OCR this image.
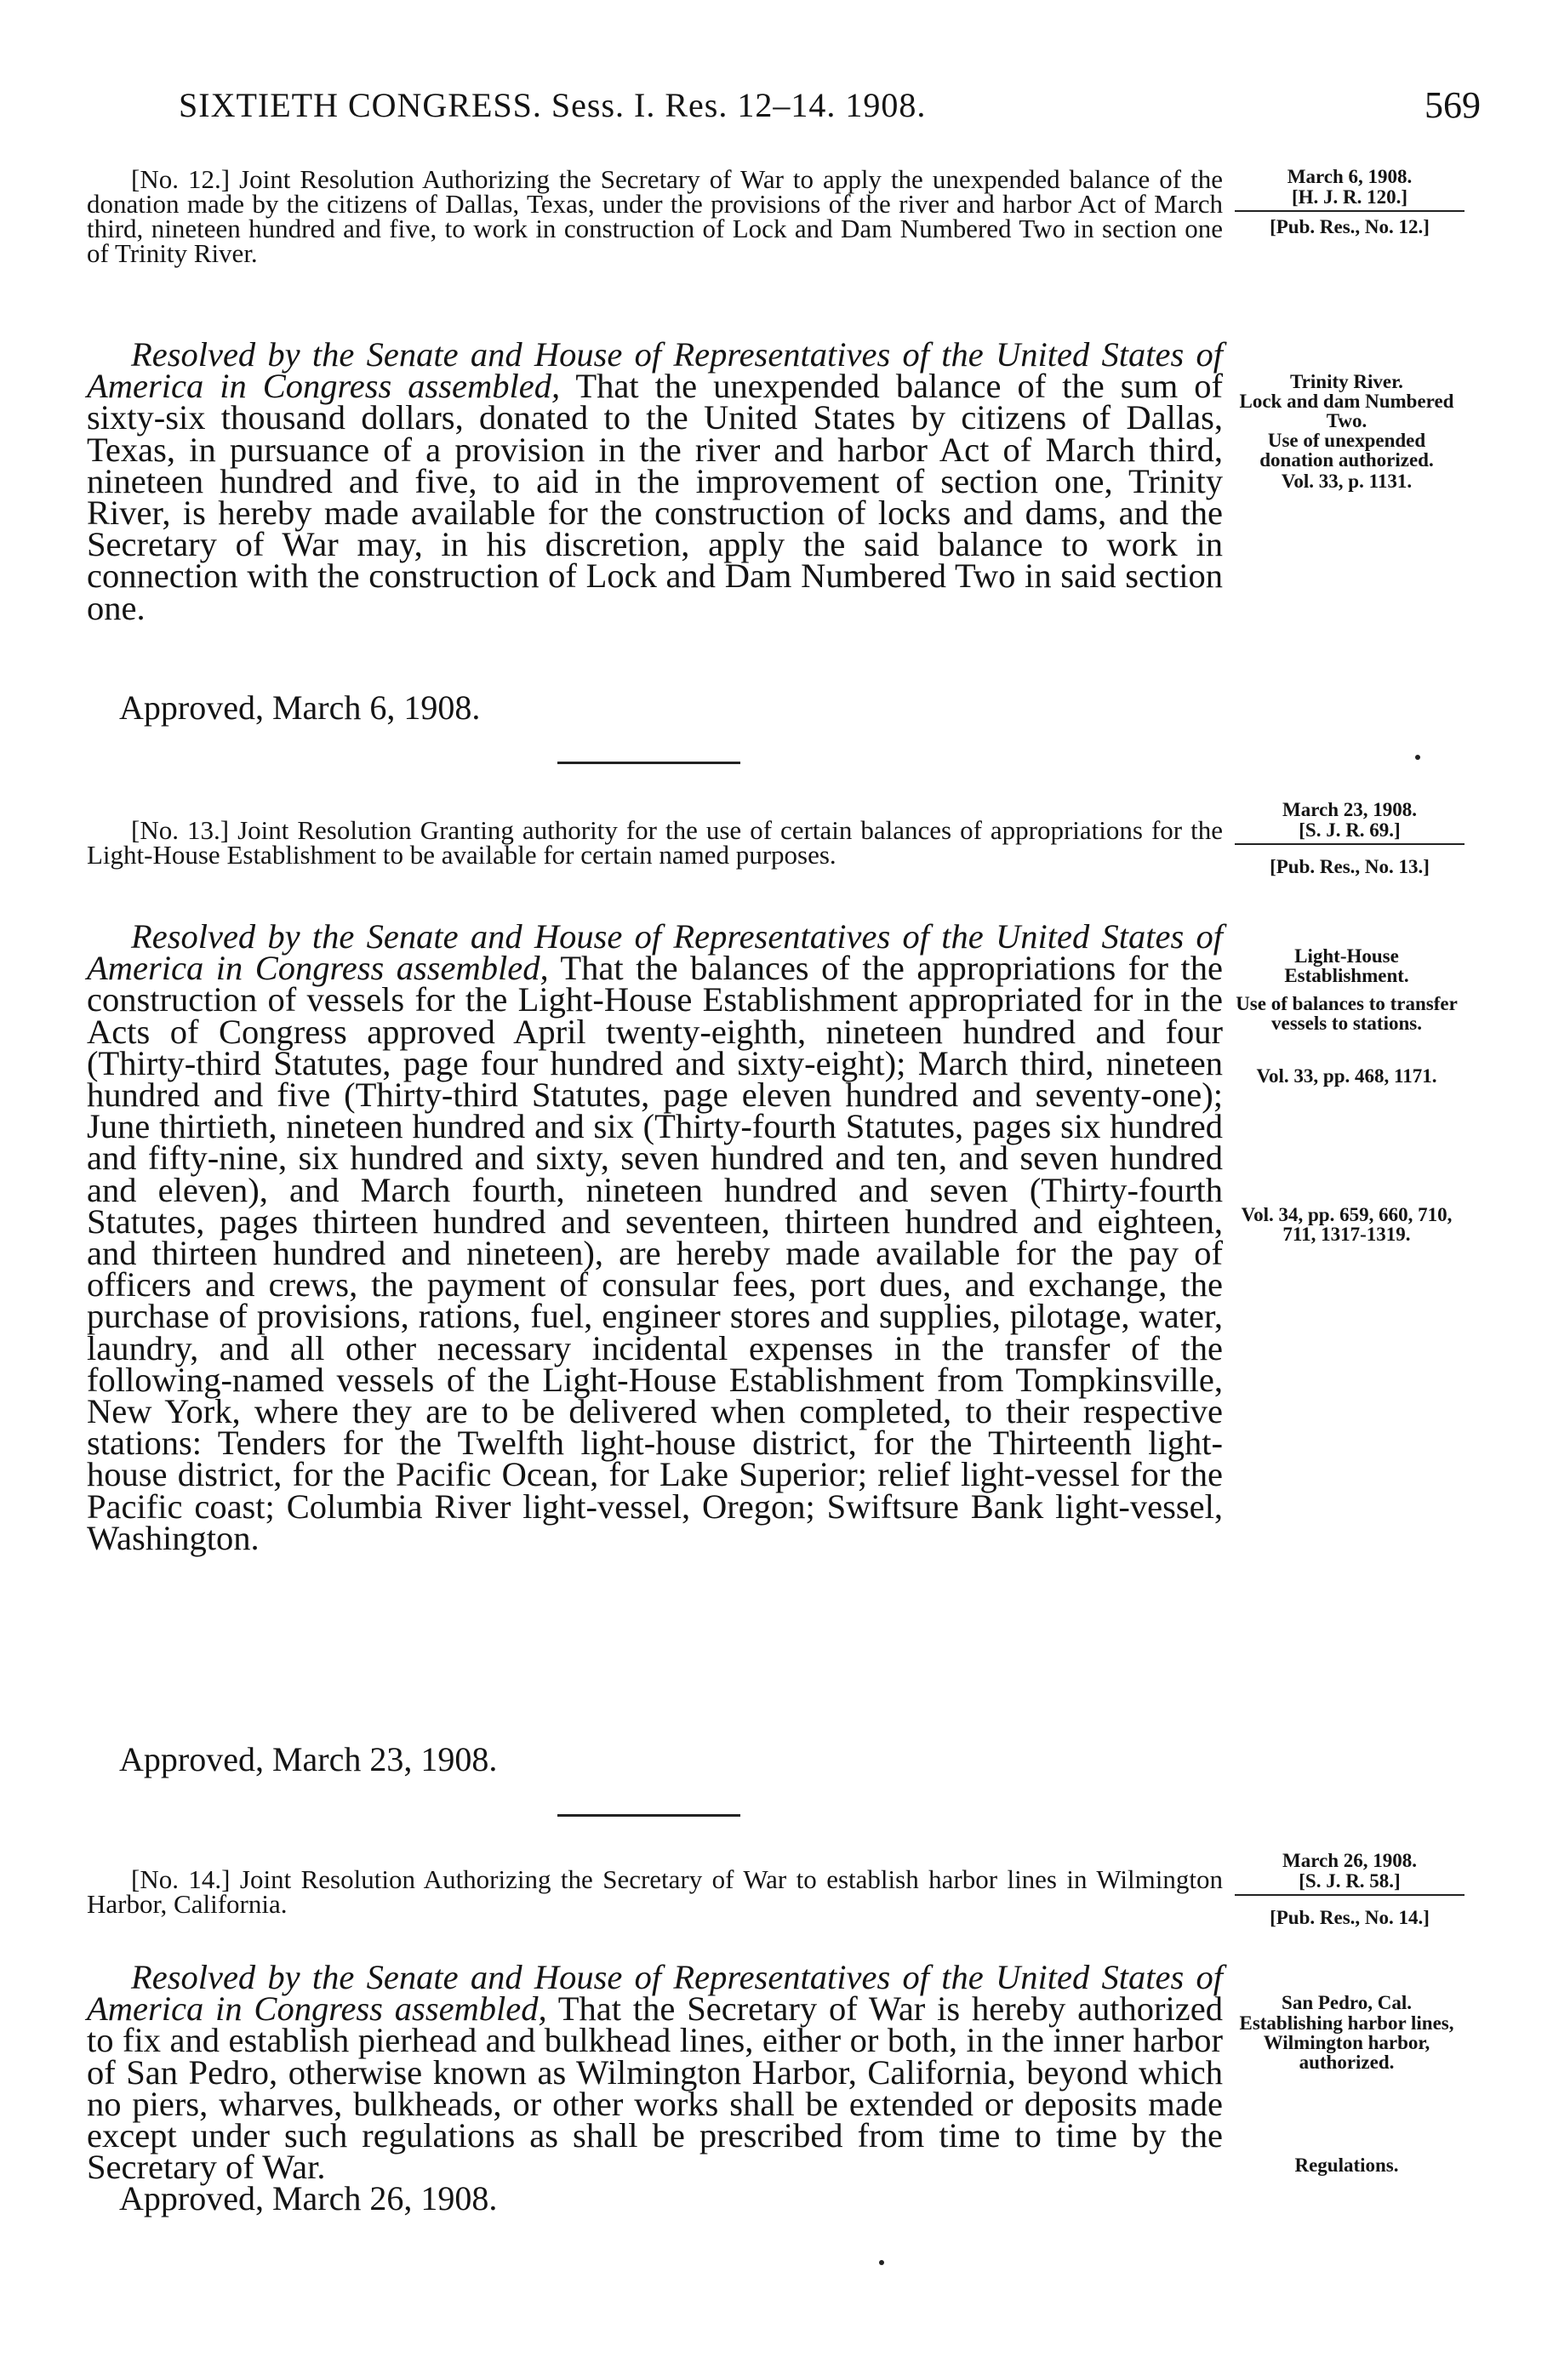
SIXTIETH CONGRESS. Sess. I. Res. 12–14. 1908.	569

[No. 12.] Joint Resolution Authorizing the Secretary of War to apply the unexpended balance of the donation made by the citizens of Dallas, Texas, under the provisions of the river and harbor Act of March third, nineteen hundred and five, to work in construction of Lock and Dam Numbered Two in section one of Trinity River.

March 6, 1908.
[H. J. R. 120.]
[Pub. Res., No. 12.]

Resolved by the Senate and House of Representatives of the United States of America in Congress assembled, That the unexpended balance of the sum of sixty-six thousand dollars, donated to the United States by citizens of Dallas, Texas, in pursuance of a provision in the river and harbor Act of March third, nineteen hundred and five, to aid in the improvement of section one, Trinity River, is hereby made available for the construction of locks and dams, and the Secretary of War may, in his discretion, apply the said balance to work in connection with the construction of Lock and Dam Numbered Two in said section one.

Approved, March 6, 1908.

Trinity River.
Lock and dam Numbered Two.
Use of unexpended donation authorized.
Vol. 33, p. 1131.

[No. 13.] Joint Resolution Granting authority for the use of certain balances of appropriations for the Light-House Establishment to be available for certain named purposes.

March 23, 1908.
[S. J. R. 69.]
[Pub. Res., No. 13.]

Resolved by the Senate and House of Representatives of the United States of America in Congress assembled, That the balances of the appropriations for the construction of vessels for the Light-House Establishment appropriated for in the Acts of Congress approved April twenty-eighth, nineteen hundred and four (Thirty-third Statutes, page four hundred and sixty-eight); March third, nineteen hundred and five (Thirty-third Statutes, page eleven hundred and seventy-one); June thirtieth, nineteen hundred and six (Thirty-fourth Statutes, pages six hundred and fifty-nine, six hundred and sixty, seven hundred and ten, and seven hundred and eleven), and March fourth, nineteen hundred and seven (Thirty-fourth Statutes, pages thirteen hundred and seventeen, thirteen hundred and eighteen, and thirteen hundred and nineteen), are hereby made available for the pay of officers and crews, the payment of consular fees, port dues, and exchange, the purchase of provisions, rations, fuel, engineer stores and supplies, pilotage, water, laundry, and all other necessary incidental expenses in the transfer of the following-named vessels of the Light-House Establishment from Tompkinsville, New York, where they are to be delivered when completed, to their respective stations: Tenders for the Twelfth light-house district, for the Thirteenth light-house district, for the Pacific Ocean, for Lake Superior; relief light-vessel for the Pacific coast; Columbia River light-vessel, Oregon; Swiftsure Bank light-vessel, Washington.

Approved, March 23, 1908.

Light-House Establishment.
Use of balances to transfer vessels to stations.
Vol. 33, pp. 468, 1171.
Vol. 34, pp. 659, 660, 710, 711, 1317-1319.

[No. 14.] Joint Resolution Authorizing the Secretary of War to establish harbor lines in Wilmington Harbor, California.

March 26, 1908.
[S. J. R. 58.]
[Pub. Res., No. 14.]

Resolved by the Senate and House of Representatives of the United States of America in Congress assembled, That the Secretary of War is hereby authorized to fix and establish pierhead and bulkhead lines, either or both, in the inner harbor of San Pedro, otherwise known as Wilmington Harbor, California, beyond which no piers, wharves, bulkheads, or other works shall be extended or deposits made except under such regulations as shall be prescribed from time to time by the Secretary of War.

Approved, March 26, 1908.

San Pedro, Cal.
Establishing harbor lines, Wilmington harbor, authorized.
Regulations.
